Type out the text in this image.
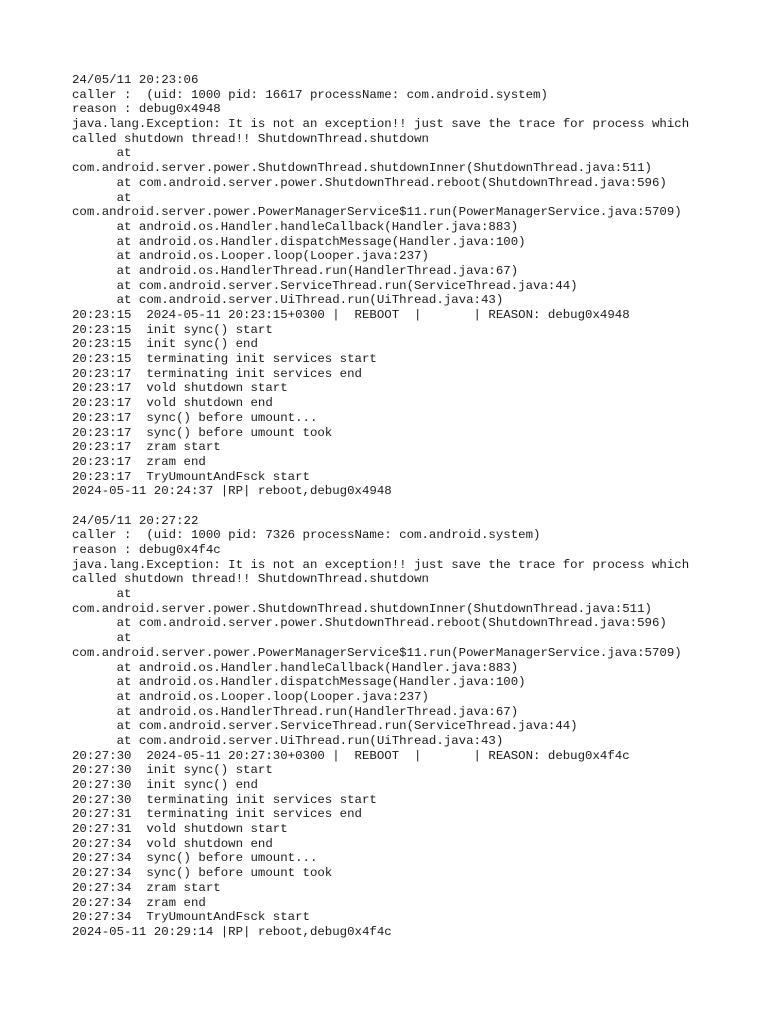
24/05/11 20:23:06
caller :  (uid: 1000 pid: 16617 processName: com.android.system)
reason : debug0x4948
java.lang.Exception: It is not an exception!! just save the trace for process which
called shutdown thread!! ShutdownThread.shutdown
at
com.android.server.power.ShutdownThread.shutdownInner(ShutdownThread.java:511)
at com.android.server.power.ShutdownThread.reboot(ShutdownThread.java:596)
at
com.android.server.power.PowerManagerService$11.run(PowerManagerService.java:5709)
at android.os.Handler.handleCallback(Handler.java:883)
at android.os.Handler.dispatchMessage(Handler.java:100)
at android.os.Looper.loop(Looper.java:237)
at android.os.HandlerThread.run(HandlerThread.java:67)
at com.android.server.ServiceThread.run(ServiceThread.java:44)
at com.android.server.UiThread.run(UiThread.java:43)
20:23:15  2024-05-11 20:23:15+0300 |  REBOOT  |       | REASON: debug0x4948
20:23:15  init sync() start
20:23:15  init sync() end
20:23:15  terminating init services start
20:23:17  terminating init services end
20:23:17  vold shutdown start
20:23:17  vold shutdown end
20:23:17  sync() before umount...
20:23:17  sync() before umount took
20:23:17  zram start
20:23:17  zram end
20:23:17  TryUmountAndFsck start
2024-05-11 20:24:37 |RP| reboot,debug0x4948
24/05/11 20:27:22
caller :  (uid: 1000 pid: 7326 processName: com.android.system)
reason : debug0x4f4c
java.lang.Exception: It is not an exception!! just save the trace for process which
called shutdown thread!! ShutdownThread.shutdown
at
com.android.server.power.ShutdownThread.shutdownInner(ShutdownThread.java:511)
at com.android.server.power.ShutdownThread.reboot(ShutdownThread.java:596)
at
com.android.server.power.PowerManagerService$11.run(PowerManagerService.java:5709)
at android.os.Handler.handleCallback(Handler.java:883)
at android.os.Handler.dispatchMessage(Handler.java:100)
at android.os.Looper.loop(Looper.java:237)
at android.os.HandlerThread.run(HandlerThread.java:67)
at com.android.server.ServiceThread.run(ServiceThread.java:44)
at com.android.server.UiThread.run(UiThread.java:43)
20:27:30  2024-05-11 20:27:30+0300 |  REBOOT  |       | REASON: debug0x4f4c
20:27:30  init sync() start
20:27:30  init sync() end
20:27:30  terminating init services start
20:27:31  terminating init services end
20:27:31  vold shutdown start
20:27:34  vold shutdown end
20:27:34  sync() before umount...
20:27:34  sync() before umount took
20:27:34  zram start
20:27:34  zram end
20:27:34  TryUmountAndFsck start
2024-05-11 20:29:14 |RP| reboot,debug0x4f4c
